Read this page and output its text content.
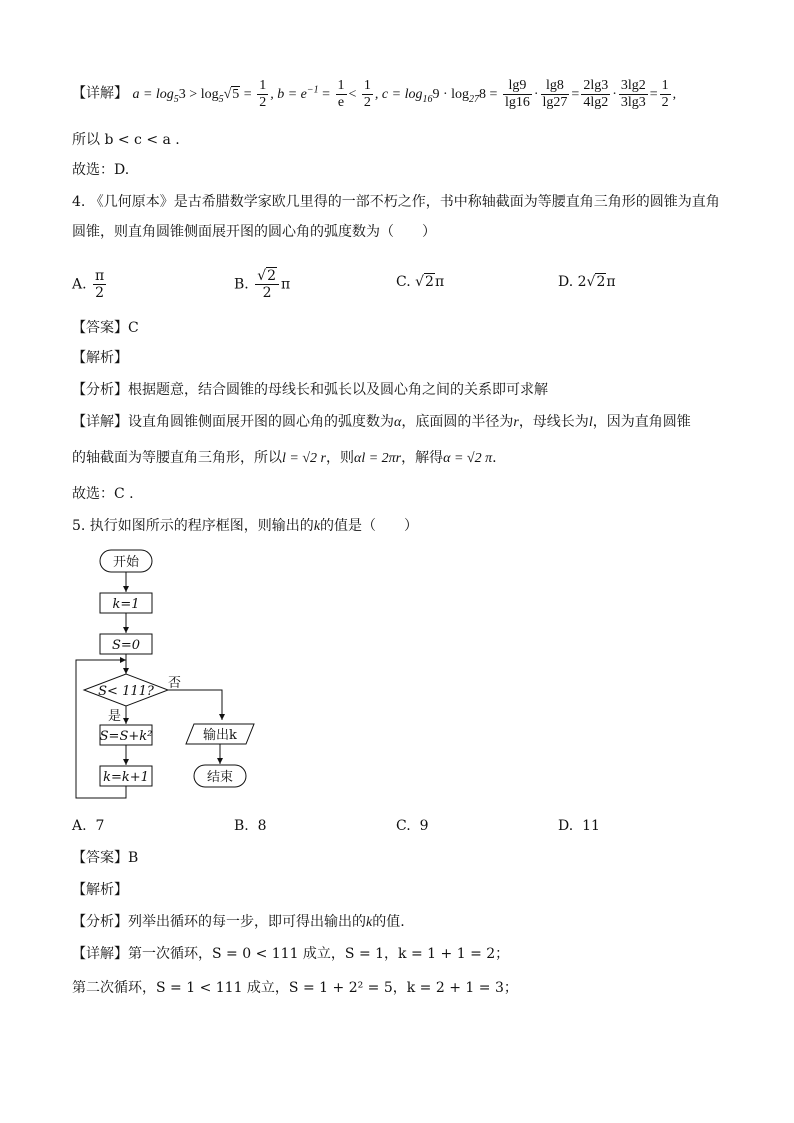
【详解】 $a = \log_53 > \log_5√5 = \frac{1}{2}$ , $b = e^{-1} = \frac{1}{e} < \frac{1}{2}$ , $c = \log_{16}9 \cdot \log_{27}8 = \frac{\lg 9}{\lg 16} \cdot \frac{\lg 8}{\lg 27} = \frac{2\lg 3}{4\lg 2} \cdot \frac{3\lg 2}{3\lg 3} = \frac{1}{2}$ ,
所以 b < c < a .
故选：D.
4. 《几何原本》是古希腊数学家欧几里得的一部不朽之作，书中称轴截面为等腰直角三角形的圆锥为直角
圆锥，则直角圆锥侧面展开图的圆心角的弧度数为（　　）
A. $\frac{\pi}{2}$	B. $\frac{√2}{2}$ π	C. √2π	D. 2√2π
【答案】C
【解析】
【分析】根据题意，结合圆锥的母线长和弧长以及圆心角之间的关系即可求解
【详解】设直角圆锥侧面展开图的圆心角的弧度数为α，底面圆的半径为r，母线长为l，因为直角圆锥
的轴截面为等腰直角三角形，所以l = √2 r，则αl = 2πr，解得α = √2 π.
故选：C .
5. 执行如图所示的程序框图，则输出的k的值是（　　）
开始
k=1
S=0
S< 111?
否
是
S=S+k²
k=k+1
输出k
结束
A. 7	B. 8	C. 9	D. 11
【答案】B
【解析】
【分析】列举出循环的每一步，即可得出输出的k的值.
【详解】第一次循环，S = 0 < 111 成立，S = 1，k = 1 + 1 = 2；
第二次循环，S = 1 < 111 成立，S = 1 + 2² = 5，k = 2 + 1 = 3；
